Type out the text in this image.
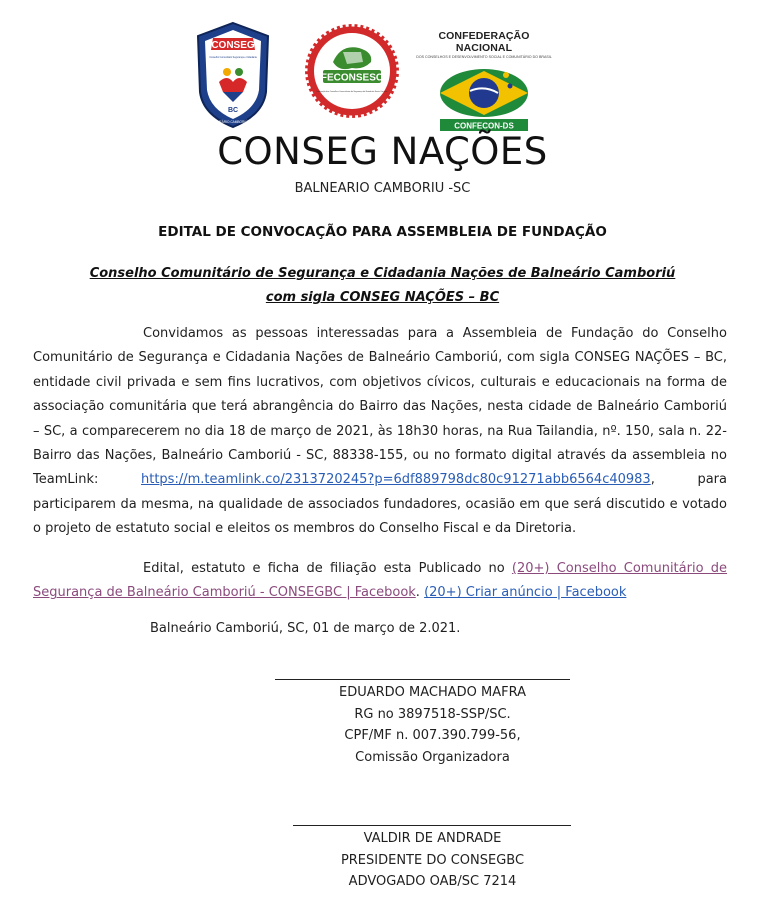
CONSEG
Conselho Comunitário Segurança e Cidadania
BC
BALNEÁRIO CAMBORIÚ - SC
FECONSESC
Federação dos Conselhos Comunitários de Segurança do Estado de Santa Catarina
CONFEDERAÇÃO NACIONAL
DOS CONSELHOS E DESENVOLVIMENTO SOCIAL E COMUNITÁRIO DO BRASIL
CONFECON-DS
CONSEG NAÇÕES
BALNEARIO CAMBORIU -SC
EDITAL DE CONVOCAÇÃO PARA ASSEMBLEIA DE FUNDAÇÃO
Conselho Comunitário de Segurança e Cidadania Nações de Balneário Camboriú
com sigla CONSEG NAÇÕES – BC
Convidamos as pessoas interessadas para a Assembleia de Fundação do Conselho Comunitário de Segurança e Cidadania Nações de Balneário Camboriú, com sigla CONSEG NAÇÕES – BC, entidade civil privada e sem fins lucrativos, com objetivos cívicos, culturais e educacionais na forma de associação comunitária que terá abrangência do Bairro das Nações, nesta cidade de Balneário Camboriú – SC, a comparecerem no dia 18 de março de 2021, às 18h30 horas, na Rua Tailandia, nº. 150, sala n. 22- Bairro das Nações, Balneário Camboriú - SC, 88338-155, ou no formato digital através da assembleia no TeamLink:	https://m.teamlink.co/2313720245?p=6df889798dc80c91271abb6564c40983, para participarem da mesma, na qualidade de associados fundadores, ocasião em que será discutido e votado o projeto de estatuto social e eleitos os membros do Conselho Fiscal e da Diretoria.
Edital, estatuto e ficha de filiação esta Publicado no (20+) Conselho Comunitário de Segurança de Balneário Camboriú - CONSEGBC | Facebook. (20+) Criar anúncio | Facebook
Balneário Camboriú, SC, 01 de março de 2.021.
EDUARDO MACHADO MAFRA
RG no 3897518-SSP/SC.
CPF/MF n. 007.390.799-56,
Comissão Organizadora
VALDIR DE ANDRADE
PRESIDENTE DO CONSEGBC
ADVOGADO OAB/SC 7214
